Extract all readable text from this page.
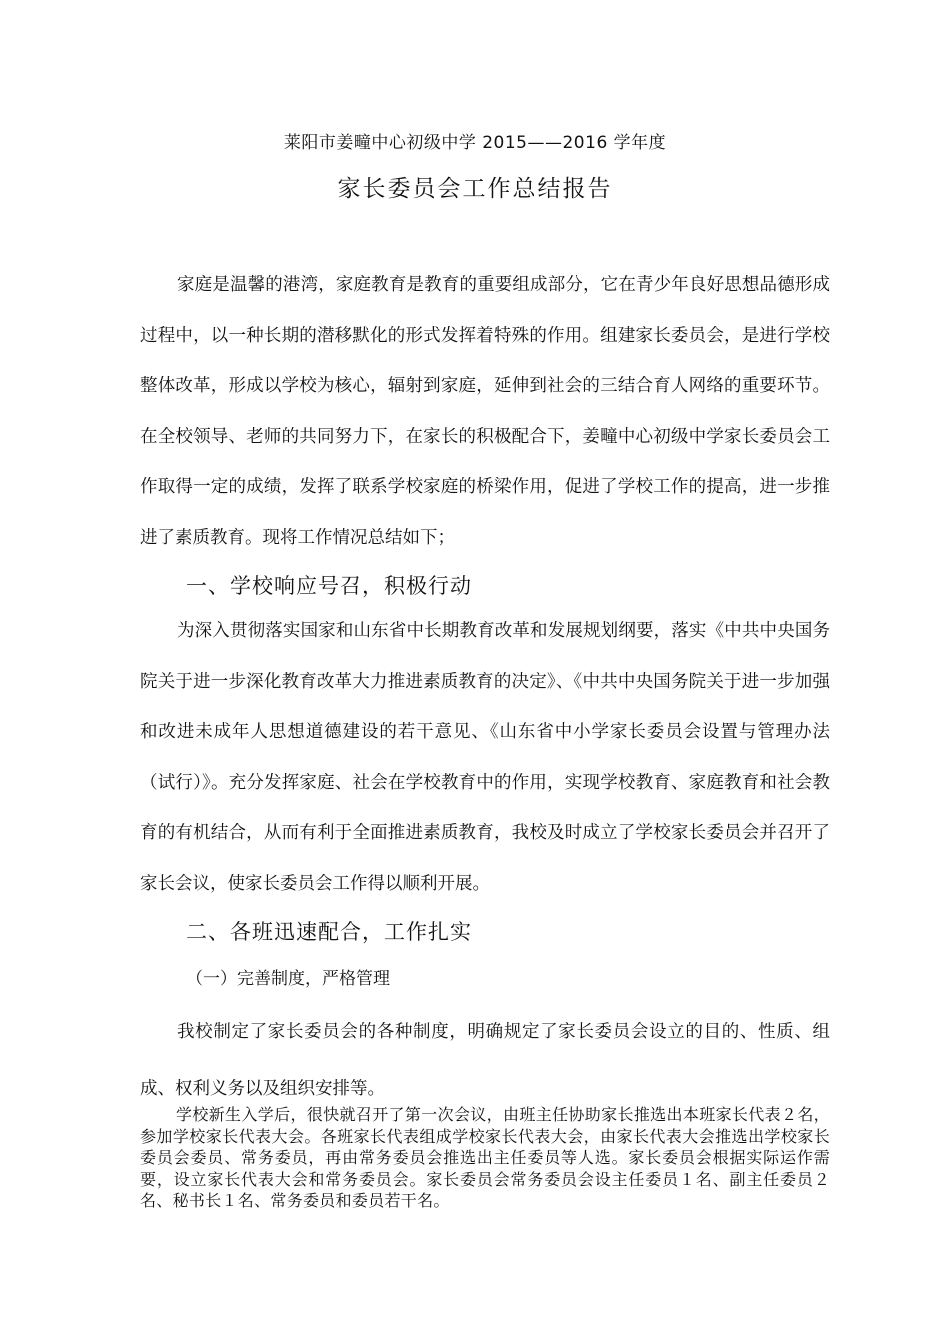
莱阳市姜疃中心初级中学 2015——2016 学年度
家长委员会工作总结报告

家庭是温馨的港湾，家庭教育是教育的重要组成部分，它在青少年良好思想品德形成过程中，以一种长期的潜移默化的形式发挥着特殊的作用。组建家长委员会，是进行学校整体改革，形成以学校为核心，辐射到家庭，延伸到社会的三结合育人网络的重要环节。在全校领导、老师的共同努力下，在家长的积极配合下，姜疃中心初级中学家长委员会工作取得一定的成绩，发挥了联系学校家庭的桥梁作用，促进了学校工作的提高，进一步推进了素质教育。现将工作情况总结如下；

一、学校响应号召，积极行动

为深入贯彻落实国家和山东省中长期教育改革和发展规划纲要，落实《中共中央国务院关于进一步深化教育改革大力推进素质教育的决定》、《中共中央国务院关于进一步加强和改进未成年人思想道德建设的若干意见、《山东省中小学家长委员会设置与管理办法（试行）》。充分发挥家庭、社会在学校教育中的作用，实现学校教育、家庭教育和社会教育的有机结合，从而有利于全面推进素质教育，我校及时成立了学校家长委员会并召开了家长会议，使家长委员会工作得以顺利开展。

二、各班迅速配合，工作扎实
（一）完善制度，严格管理

我校制定了家长委员会的各种制度，明确规定了家长委员会设立的目的、性质、组成、权利义务以及组织安排等。

学校新生入学后，很快就召开了第一次会议，由班主任协助家长推选出本班家长代表２名，参加学校家长代表大会。各班家长代表组成学校家长代表大会，由家长代表大会推选出学校家长委员会委员、常务委员，再由常务委员会推选出主任委员等人选。家长委员会根据实际运作需要，设立家长代表大会和常务委员会。家长委员会常务委员会设主任委员１名、副主任委员２名、秘书长１名、常务委员和委员若干名。
